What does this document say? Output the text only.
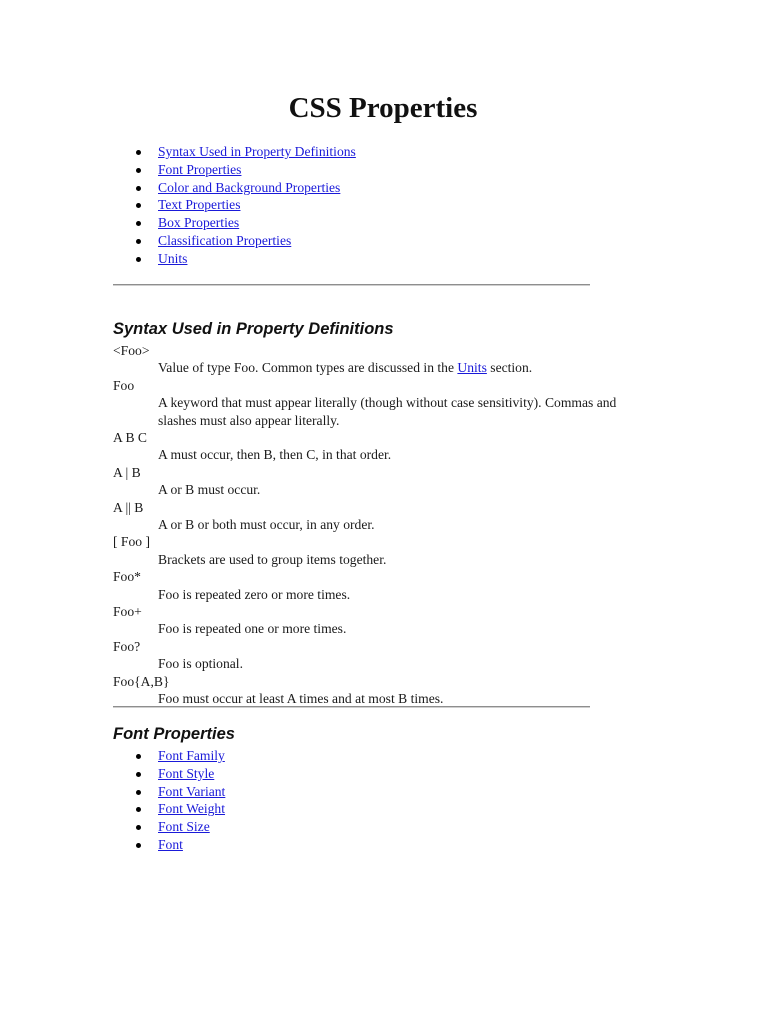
CSS Properties
Syntax Used in Property Definitions
Font Properties
Color and Background Properties
Text Properties
Box Properties
Classification Properties
Units
Syntax Used in Property Definitions
<Foo>
Value of type Foo. Common types are discussed in the Units section.
Foo
A keyword that must appear literally (though without case sensitivity). Commas and slashes must also appear literally.
A B C
A must occur, then B, then C, in that order.
A | B
A or B must occur.
A || B
A or B or both must occur, in any order.
[ Foo ]
Brackets are used to group items together.
Foo*
Foo is repeated zero or more times.
Foo+
Foo is repeated one or more times.
Foo?
Foo is optional.
Foo{A,B}
Foo must occur at least A times and at most B times.
Font Properties
Font Family
Font Style
Font Variant
Font Weight
Font Size
Font
